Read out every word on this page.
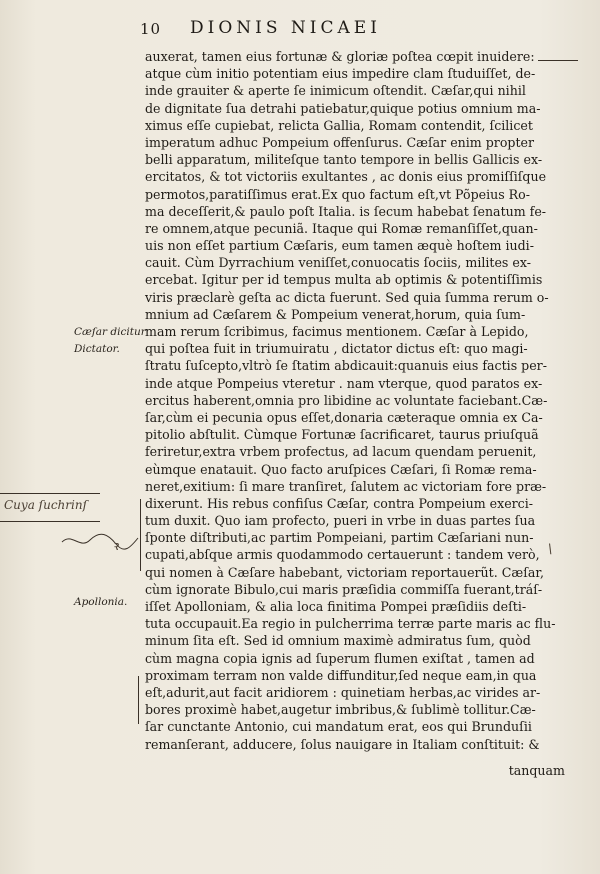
10 DIONIS NICAEI
auxerat, tamen eius fortunæ & gloriæ poſtea cœpit inuidere:
atque cùm initio potentiam eius impedire clam ſtuduiſſet, de-
inde grauiter & aperte ſe inimicum oſtendit. Cæſar,qui nihil
de dignitate ſua detrahi patiebatur,quique potius omnium ma-
ximus eſſe cupiebat, relicta Gallia, Romam contendit, ſcilicet
imperatum adhuc Pompeium offenſurus. Cæſar enim propter
belli apparatum, militeſque tanto tempore in bellis Gallicis ex-
ercitatos, & tot victoriis exultantes , ac donis eius promiſſiſque
permotos,paratiſſimus erat.Ex quo factum eſt,vt Põpeius Ro-
ma deceſſerit,& paulo poſt Italia. is ſecum habebat ſenatum fe-
re omnem,atque pecuniã. Itaque qui Romæ remanſiſſet,quan-
uis non eſſet partium Cæſaris, eum tamen æquè hoſtem iudi-
cauit. Cùm Dyrrachium veniſſet,conuocatis ſociis, milites ex-
ercebat. Igitur per id tempus multa ab optimis & potentiſſimis
viris præclarè geſta ac dicta fuerunt. Sed quia ſumma rerum o-
mnium ad Cæſarem & Pompeium venerat,horum, quia ſum-
mam rerum ſcribimus, facimus mentionem. Cæſar à Lepido,
qui poſtea fuit in triumuiratu , dictator dictus eſt: quo magi-
ſtratu ſuſcepto,vltrò ſe ſtatim abdicauit:quanuis eius factis per-
inde atque Pompeius vteretur . nam vterque, quod paratos ex-
ercitus haberent,omnia pro libidine ac voluntate faciebant.Cæ-
ſar,cùm ei pecunia opus eſſet,donaria cæteraque omnia ex Ca-
pitolio abſtulit. Cùmque Fortunæ ſacrificaret, taurus priuſquã
feriretur,extra vrbem profectus, ad lacum quendam peruenit,
eùmque enatauit. Quo facto aruſpices Cæſari, ſi Romæ rema-
neret,exitium: ſi mare tranſiret, ſalutem ac victoriam fore præ-
dixerunt. His rebus confiſus Cæſar, contra Pompeium exerci-
tum duxit. Quo iam profecto, pueri in vrbe in duas partes ſua
ſponte diſtributi,ac partim Pompeiani, partim Cæſariani nun-
cupati,abſque armis quodammodo certauerunt : tandem verò,
qui nomen à Cæſare habebant, victoriam reportauerũt. Cæſar,
cùm ignorate Bibulo,cui maris præſidia commiſſa fuerant,tráſ-
iſſet Apolloniam, & alia loca finitima Pompei præſidiis deſti-
tuta occupauit.Ea regio in pulcherrima terræ parte maris ac flu-
minum ſita eſt. Sed id omnium maximè admiratus ſum, quòd
cùm magna copia ignis ad ſuperum flumen exiſtat , tamen ad
proximam terram non valde diffunditur,ſed neque eam,in qua
eſt,adurit,aut facit aridiorem : quinetiam herbas,ac virides ar-
bores proximè habet,augetur imbribus,& ſublimè tollitur.Cæ-
ſar cunctante Antonio, cui mandatum erat, eos qui Brunduſii
remanſerant, adducere, ſolus nauigare in Italiam conſtituit: &
Cæſar dicitur
Dictator.
Apollonia.
Cuya ſuchrinſ
ꝛ	\
tanquam
